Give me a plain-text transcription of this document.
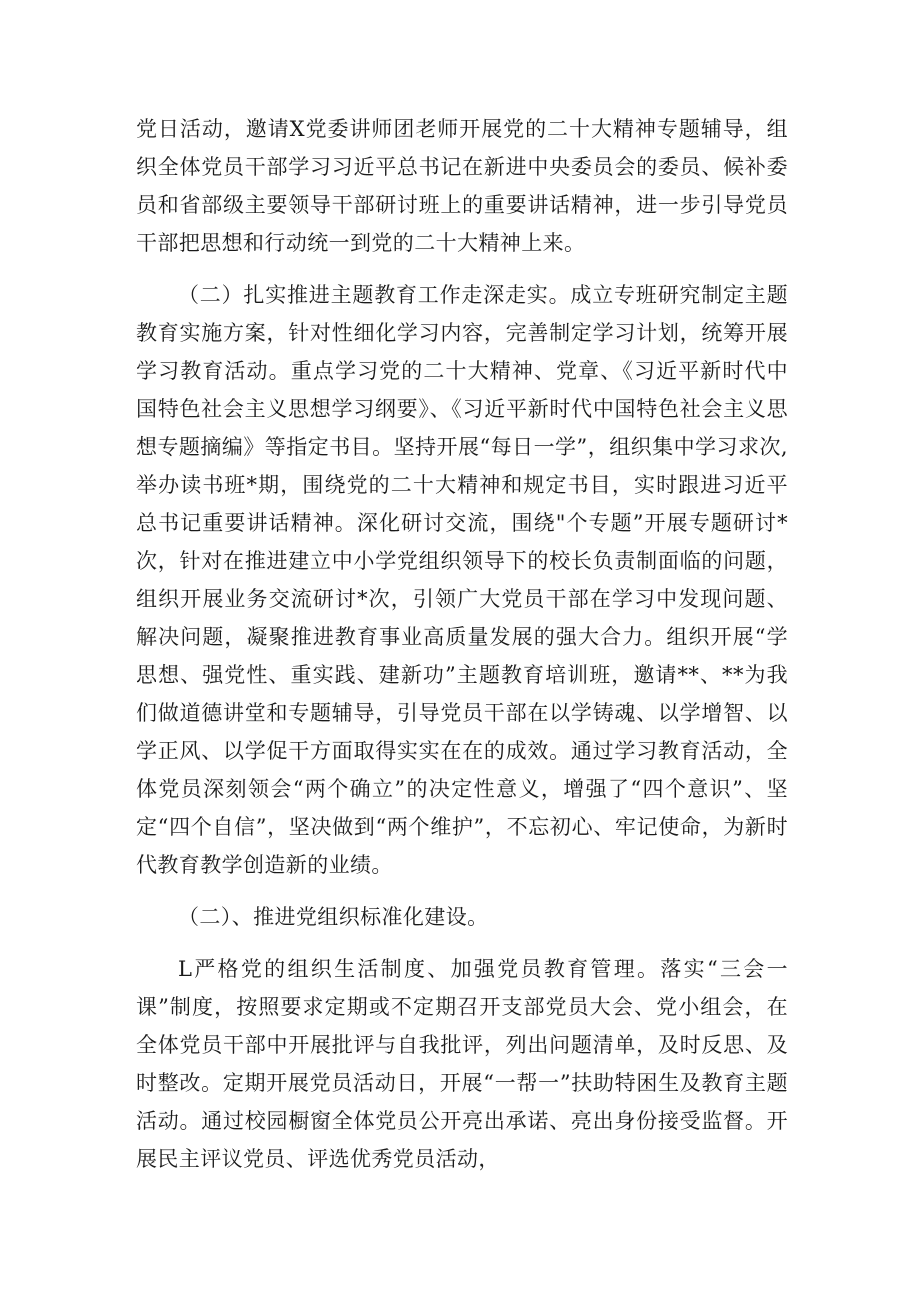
党日活动，邀请X党委讲师团老师开展党的二十大精神专题辅导，组织全体党员干部学习习近平总书记在新进中央委员会的委员、候补委员和省部级主要领导干部研讨班上的重要讲话精神，进一步引导党员干部把思想和行动统一到党的二十大精神上来。

（二）扎实推进主题教育工作走深走实。成立专班研究制定主题教育实施方案，针对性细化学习内容，完善制定学习计划，统筹开展学习教育活动。重点学习党的二十大精神、党章、《习近平新时代中国特色社会主义思想学习纲要》、《习近平新时代中国特色社会主义思想专题摘编》等指定书目。坚持开展“每日一学”，组织集中学习求次,举办读书班*期，围绕党的二十大精神和规定书目，实时跟进习近平总书记重要讲话精神。深化研讨交流，围绕"个专题”开展专题研讨*次，针对在推进建立中小学党组织领导下的校长负责制面临的问题，组织开展业务交流研讨*次，引领广大党员干部在学习中发现问题、解决问题，凝聚推进教育事业高质量发展的强大合力。组织开展“学思想、强党性、重实践、建新功”主题教育培训班，邀请**、**为我们做道德讲堂和专题辅导，引导党员干部在以学铸魂、以学增智、以学正风、以学促干方面取得实实在在的成效。通过学习教育活动，全体党员深刻领会“两个确立”的决定性意义，增强了“四个意识”、坚定“四个自信”，坚决做到“两个维护”，不忘初心、牢记使命，为新时代教育教学创造新的业绩。

（二）、推进党组织标准化建设。

L严格党的组织生活制度、加强党员教育管理。落实“三会一课”制度，按照要求定期或不定期召开支部党员大会、党小组会，在全体党员干部中开展批评与自我批评，列出问题清单，及时反思、及时整改。定期开展党员活动日，开展“一帮一”扶助特困生及教育主题活动。通过校园橱窗全体党员公开亮出承诺、亮出身份接受监督。开展民主评议党员、评选优秀党员活动，
